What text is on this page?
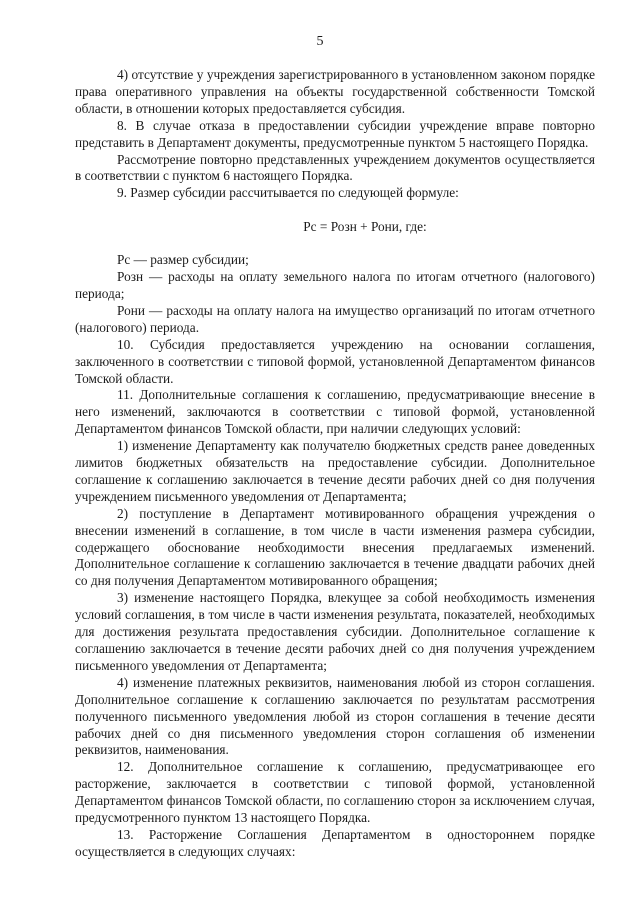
5

4) отсутствие у учреждения зарегистрированного в установленном законом порядке права оперативного управления на объекты государственной собственности Томской области, в отношении которых предоставляется субсидия.

8. В случае отказа в предоставлении субсидии учреждение вправе повторно представить в Департамент документы, предусмотренные пунктом 5 настоящего Порядка.

Рассмотрение повторно представленных учреждением документов осуществляется в соответствии с пунктом 6 настоящего Порядка.

9. Размер субсидии рассчитывается по следующей формуле:

Рс = Розн + Рони, где:

Рс — размер субсидии;

Розн — расходы на оплату земельного налога по итогам отчетного (налогового) периода;

Рони — расходы на оплату налога на имущество организаций по итогам отчетного (налогового) периода.

10. Субсидия предоставляется учреждению на основании соглашения, заключенного в соответствии с типовой формой, установленной Департаментом финансов Томской области.

11. Дополнительные соглашения к соглашению, предусматривающие внесение в него изменений, заключаются в соответствии с типовой формой, установленной Департаментом финансов Томской области, при наличии следующих условий:

1) изменение Департаменту как получателю бюджетных средств ранее доведенных лимитов бюджетных обязательств на предоставление субсидии. Дополнительное соглашение к соглашению заключается в течение десяти рабочих дней со дня получения учреждением письменного уведомления от Департамента;

2) поступление в Департамент мотивированного обращения учреждения о внесении изменений в соглашение, в том числе в части изменения размера субсидии, содержащего обоснование необходимости внесения предлагаемых изменений. Дополнительное соглашение к соглашению заключается в течение двадцати рабочих дней со дня получения Департаментом мотивированного обращения;

3) изменение настоящего Порядка, влекущее за собой необходимость изменения условий соглашения, в том числе в части изменения результата, показателей, необходимых для достижения результата предоставления субсидии. Дополнительное соглашение к соглашению заключается в течение десяти рабочих дней со дня получения учреждением письменного уведомления от Департамента;

4) изменение платежных реквизитов, наименования любой из сторон соглашения. Дополнительное соглашение к соглашению заключается по результатам рассмотрения полученного письменного уведомления любой из сторон соглашения в течение десяти рабочих дней со дня письменного уведомления сторон соглашения об изменении реквизитов, наименования.

12. Дополнительное соглашение к соглашению, предусматривающее его расторжение, заключается в соответствии с типовой формой, установленной Департаментом финансов Томской области, по соглашению сторон за исключением случая, предусмотренного пунктом 13 настоящего Порядка.

13. Расторжение Соглашения Департаментом в одностороннем порядке осуществляется в следующих случаях:
